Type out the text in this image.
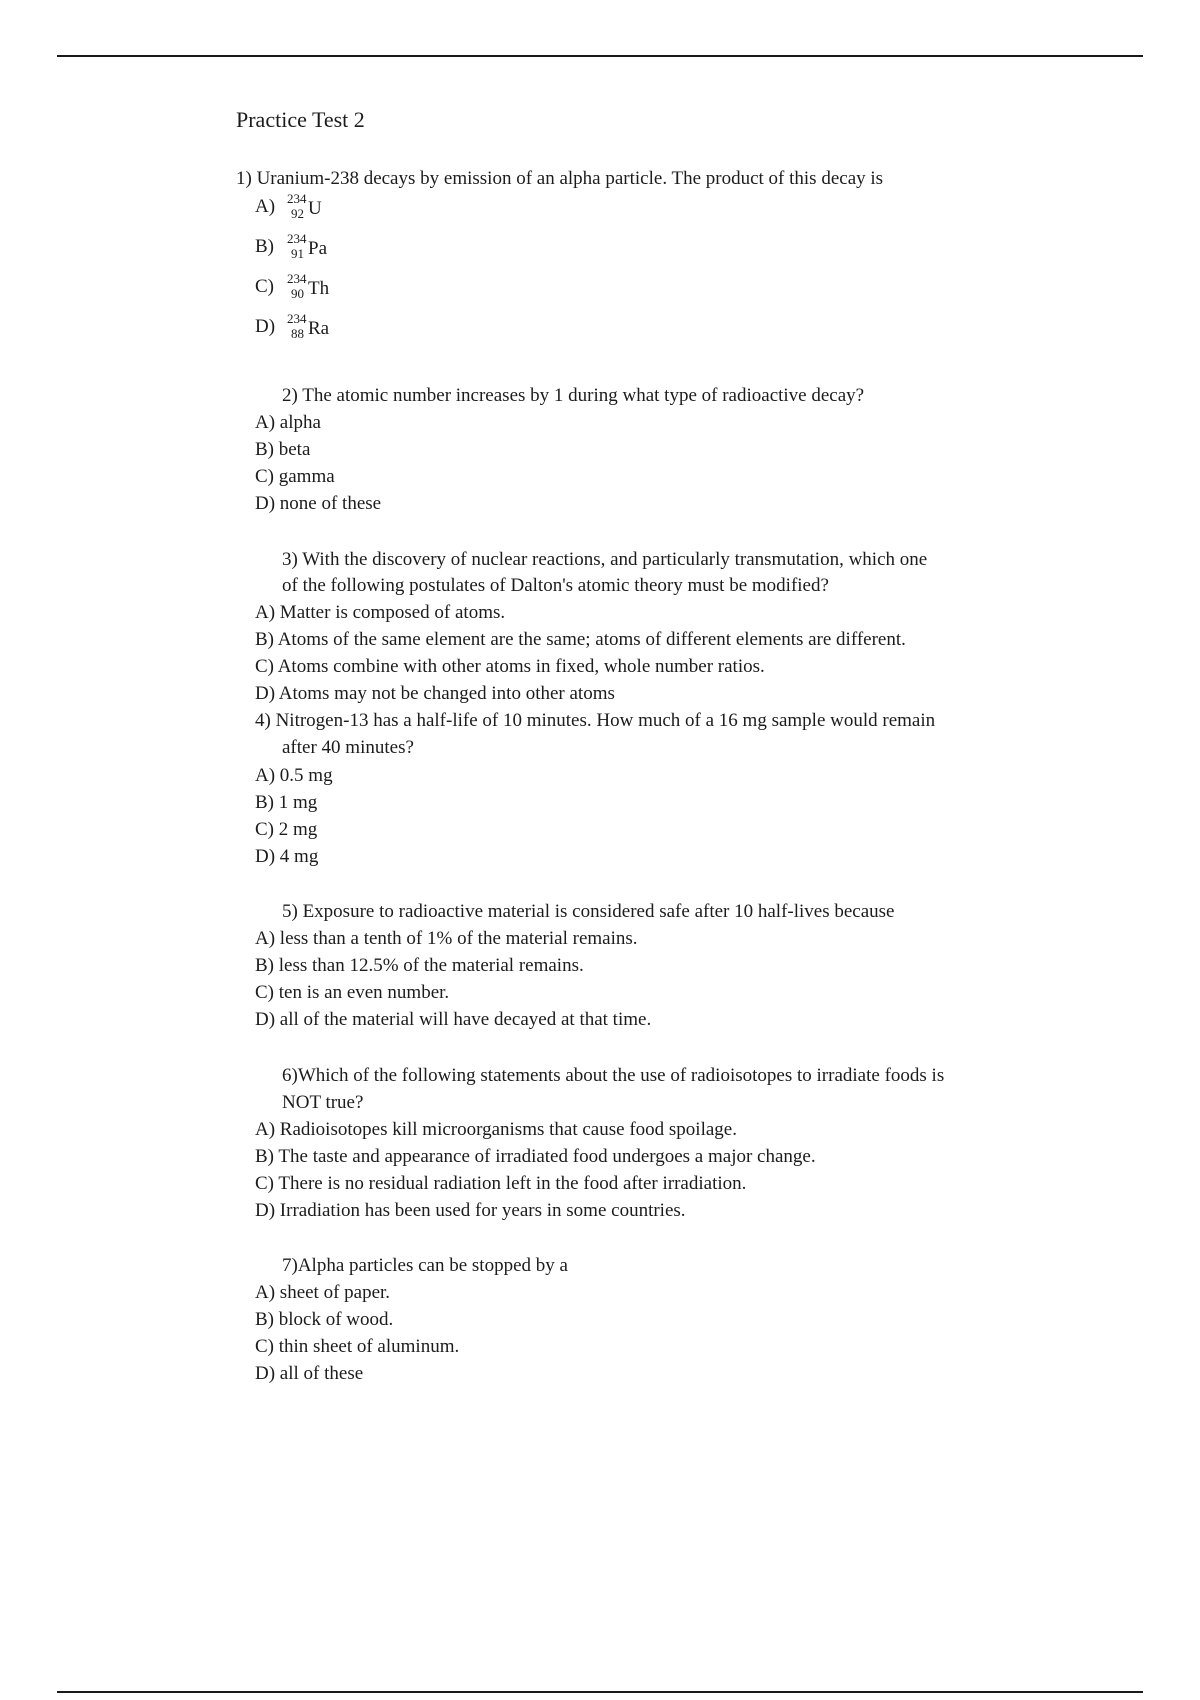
Practice Test 2
1) Uranium-238 decays by emission of an alpha particle. The product of this decay is
A) 234
92 U
B) 234
91 Pa
C) 234
90 Th
D) 234
88 Ra
2) The atomic number increases by 1 during what type of radioactive decay?
A) alpha
B) beta
C) gamma
D) none of these
3) With the discovery of nuclear reactions, and particularly transmutation, which one
of the following postulates of Dalton's atomic theory must be modified?
A) Matter is composed of atoms.
B) Atoms of the same element are the same; atoms of different elements are different.
C) Atoms combine with other atoms in fixed, whole number ratios.
D) Atoms may not be changed into other atoms
4) Nitrogen-13 has a half-life of 10 minutes. How much of a 16 mg sample would remain
after 40 minutes?
A) 0.5 mg
B) 1 mg
C) 2 mg
D) 4 mg
5) Exposure to radioactive material is considered safe after 10 half-lives because
A) less than a tenth of 1% of the material remains.
B) less than 12.5% of the material remains.
C) ten is an even number.
D) all of the material will have decayed at that time.
6)Which of the following statements about the use of radioisotopes to irradiate foods is
NOT true?
A) Radioisotopes kill microorganisms that cause food spoilage.
B) The taste and appearance of irradiated food undergoes a major change.
C) There is no residual radiation left in the food after irradiation.
D) Irradiation has been used for years in some countries.
7)Alpha particles can be stopped by a
A) sheet of paper.
B) block of wood.
C) thin sheet of aluminum.
D) all of these
